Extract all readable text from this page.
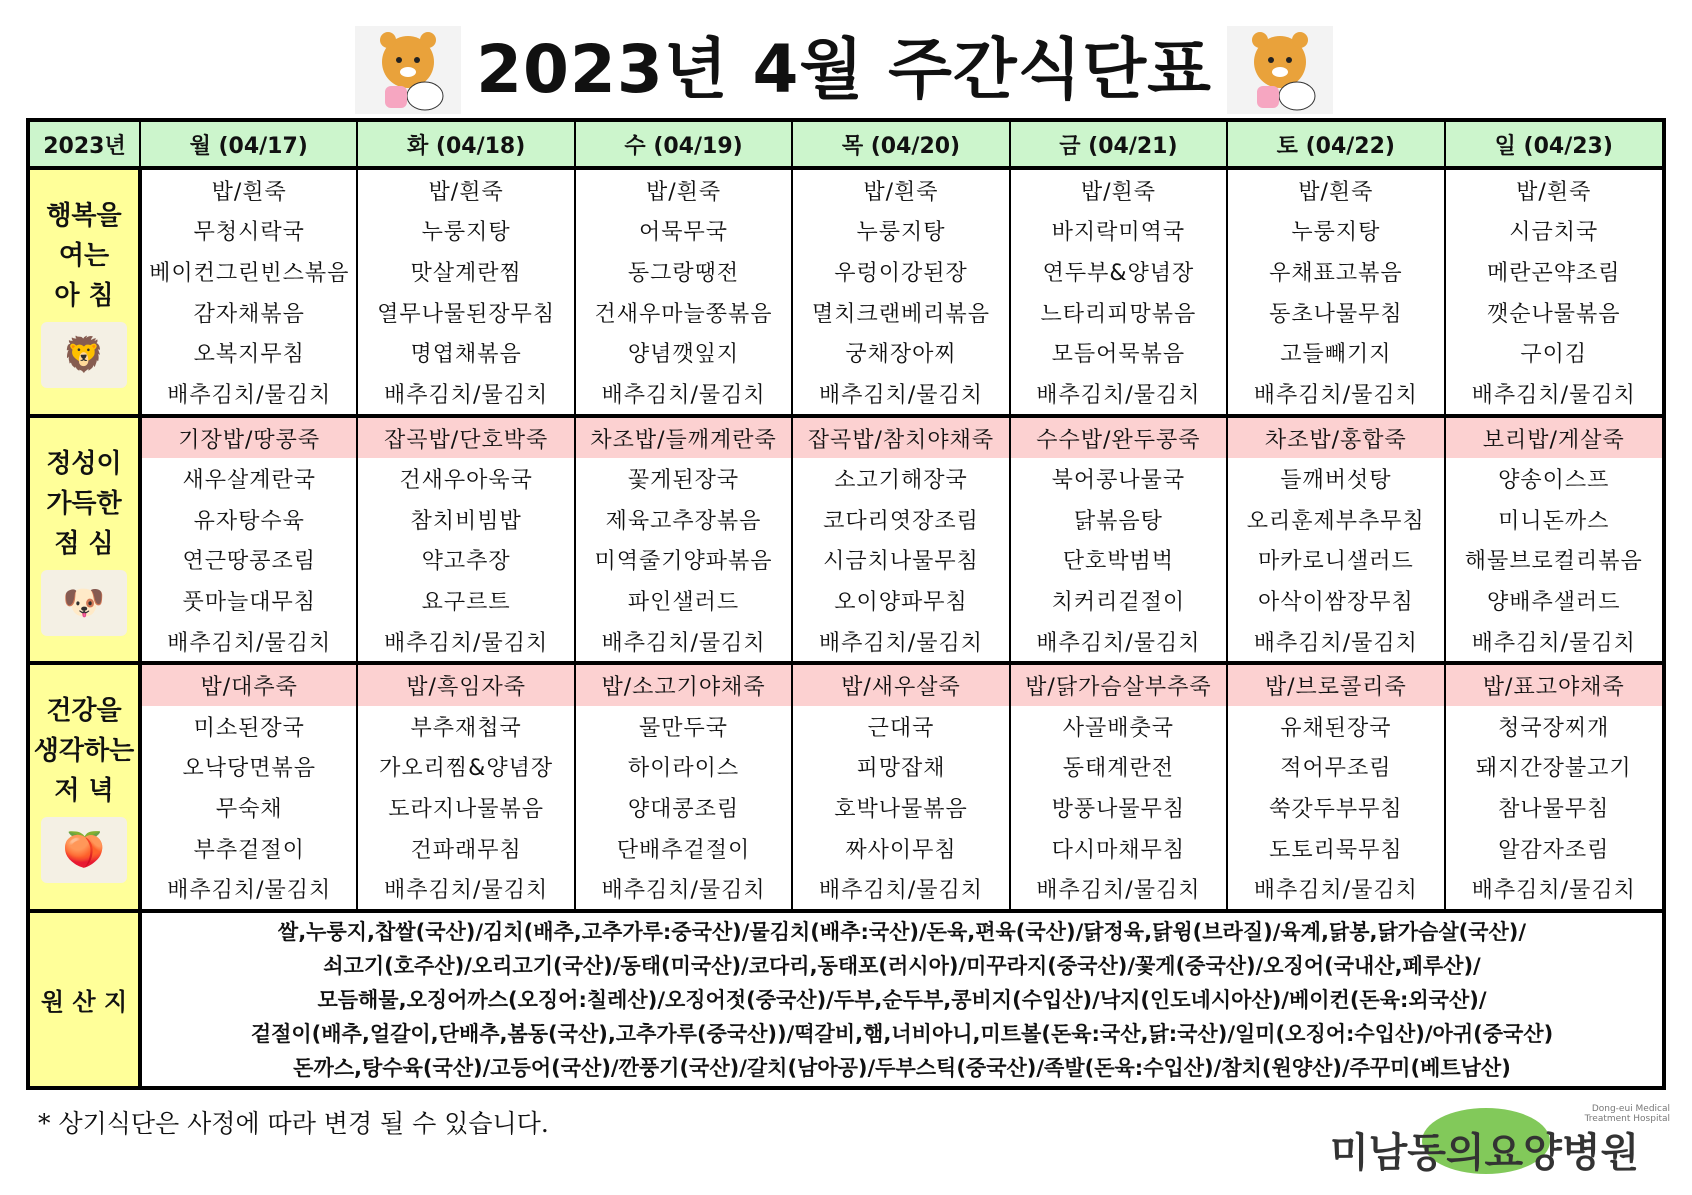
2023년 4월 주간식단표
2023년	월 (04/17)	화 (04/18)	수 (04/19)	목 (04/20)	금 (04/21)	토 (04/22)	일 (04/23)

행복을
여는
아 침
🦁	밥/흰죽	밥/흰죽	밥/흰죽	밥/흰죽	밥/흰죽	밥/흰죽	밥/흰죽
	무청시락국	누룽지탕	어묵무국	누룽지탕	바지락미역국	누룽지탕	시금치국
	베이컨그린빈스볶음	맛살계란찜	동그랑땡전	우렁이강된장	연두부&양념장	우채표고볶음	메란곤약조림
	감자채볶음	열무나물된장무침	건새우마늘쫑볶음	멸치크랜베리볶음	느타리피망볶음	동초나물무침	깻순나물볶음
	오복지무침	명엽채볶음	양념깻잎지	궁채장아찌	모듬어묵볶음	고들빼기지	구이김
	배추김치/물김치	배추김치/물김치	배추김치/물김치	배추김치/물김치	배추김치/물김치	배추김치/물김치	배추김치/물김치

정성이
가득한
점 심
🐶	기장밥/땅콩죽	잡곡밥/단호박죽	차조밥/들깨계란죽	잡곡밥/참치야채죽	수수밥/완두콩죽	차조밥/홍합죽	보리밥/게살죽
	새우살계란국	건새우아욱국	꽃게된장국	소고기해장국	북어콩나물국	들깨버섯탕	양송이스프
	유자탕수육	참치비빔밥	제육고추장볶음	코다리엿장조림	닭볶음탕	오리훈제부추무침	미니돈까스
	연근땅콩조림	약고추장	미역줄기양파볶음	시금치나물무침	단호박범벅	마카로니샐러드	해물브로컬리볶음
	풋마늘대무침	요구르트	파인샐러드	오이양파무침	치커리겉절이	아삭이쌈장무침	양배추샐러드
	배추김치/물김치	배추김치/물김치	배추김치/물김치	배추김치/물김치	배추김치/물김치	배추김치/물김치	배추김치/물김치

건강을
생각하는
저 녁
🍑	밥/대추죽	밥/흑임자죽	밥/소고기야채죽	밥/새우살죽	밥/닭가슴살부추죽	밥/브로콜리죽	밥/표고야채죽
	미소된장국	부추재첩국	물만두국	근대국	사골배춧국	유채된장국	청국장찌개
	오낙당면볶음	가오리찜&양념장	하이라이스	피망잡채	동태계란전	적어무조림	돼지간장불고기
	무숙채	도라지나물볶음	양대콩조림	호박나물볶음	방풍나물무침	쑥갓두부무침	참나물무침
	부추겉절이	건파래무침	단배추겉절이	짜사이무침	다시마채무침	도토리묵무침	알감자조림
	배추김치/물김치	배추김치/물김치	배추김치/물김치	배추김치/물김치	배추김치/물김치	배추김치/물김치	배추김치/물김치
원 산 지	쌀,누룽지,찹쌀(국산)/김치(배추,고추가루:중국산)/물김치(배추:국산)/돈육,편육(국산)/닭정육,닭윙(브라질)/육계,닭봉,닭가슴살(국산)/
쇠고기(호주산)/오리고기(국산)/동태(미국산)/코다리,동태포(러시아)/미꾸라지(중국산)/꽃게(중국산)/오징어(국내산,페루산)/
모듬해물,오징어까스(오징어:칠레산)/오징어젓(중국산)/두부,순두부,콩비지(수입산)/낙지(인도네시아산)/베이컨(돈육:외국산)/
겉절이(배추,얼갈이,단배추,봄동(국산),고추가루(중국산))/떡갈비,햄,너비아니,미트볼(돈육:국산,닭:국산)/일미(오징어:수입산)/아귀(중국산)
돈까스,탕수육(국산)/고등어(국산)/깐풍기(국산)/갈치(남아공)/두부스틱(중국산)/족발(돈육:수입산)/참치(원양산)/주꾸미(베트남산)						
* 상기식단은 사정에 따라 변경 될 수 있습니다.
미남동의요양병원
Dong-eui Medical Treatment Hospital
